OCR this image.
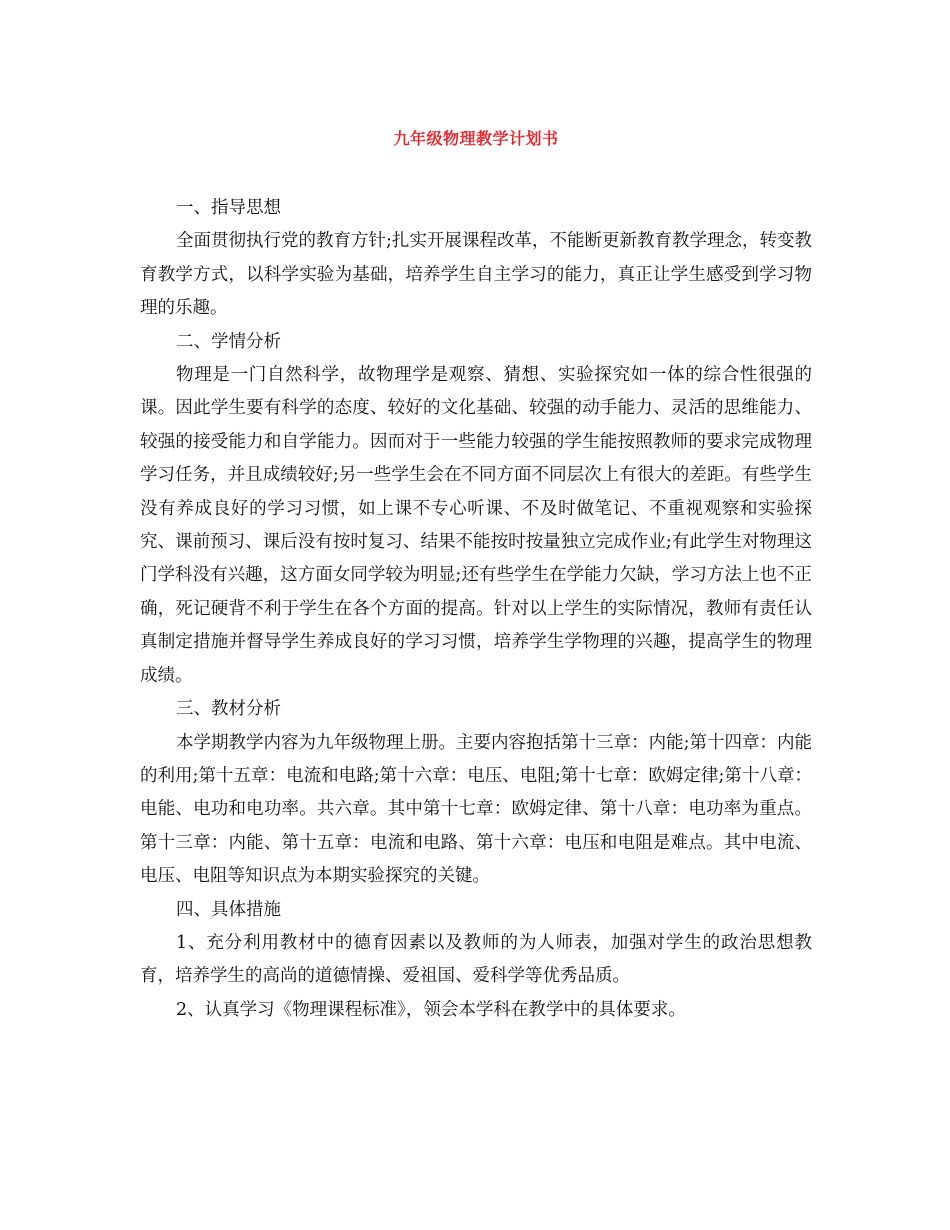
九年级物理教学计划书

一、指导思想

全面贯彻执行党的教育方针;扎实开展课程改革，不能断更新教育教学理念，转变教育教学方式，以科学实验为基础，培养学生自主学习的能力，真正让学生感受到学习物理的乐趣。

二、学情分析

物理是一门自然科学，故物理学是观察、猜想、实验探究如一体的综合性很强的课。因此学生要有科学的态度、较好的文化基础、较强的动手能力、灵活的思维能力、较强的接受能力和自学能力。因而对于一些能力较强的学生能按照教师的要求完成物理学习任务，并且成绩较好;另一些学生会在不同方面不同层次上有很大的差距。有些学生没有养成良好的学习习惯，如上课不专心听课、不及时做笔记、不重视观察和实验探究、课前预习、课后没有按时复习、结果不能按时按量独立完成作业;有此学生对物理这门学科没有兴趣，这方面女同学较为明显;还有些学生在学能力欠缺，学习方法上也不正确，死记硬背不利于学生在各个方面的提高。针对以上学生的实际情况，教师有责任认真制定措施并督导学生养成良好的学习习惯，培养学生学物理的兴趣，提高学生的物理成绩。

三、教材分析

本学期教学内容为九年级物理上册。主要内容抱括第十三章：内能;第十四章：内能的利用;第十五章：电流和电路;第十六章：电压、电阻;第十七章：欧姆定律;第十八章：电能、电功和电功率。共六章。其中第十七章：欧姆定律、第十八章：电功率为重点。第十三章：内能、第十五章：电流和电路、第十六章：电压和电阻是难点。其中电流、电压、电阻等知识点为本期实验探究的关键。

四、具体措施

1、充分利用教材中的德育因素以及教师的为人师表，加强对学生的政治思想教育，培养学生的高尚的道德情操、爱祖国、爱科学等优秀品质。

2、认真学习《物理课程标准》，领会本学科在教学中的具体要求。
